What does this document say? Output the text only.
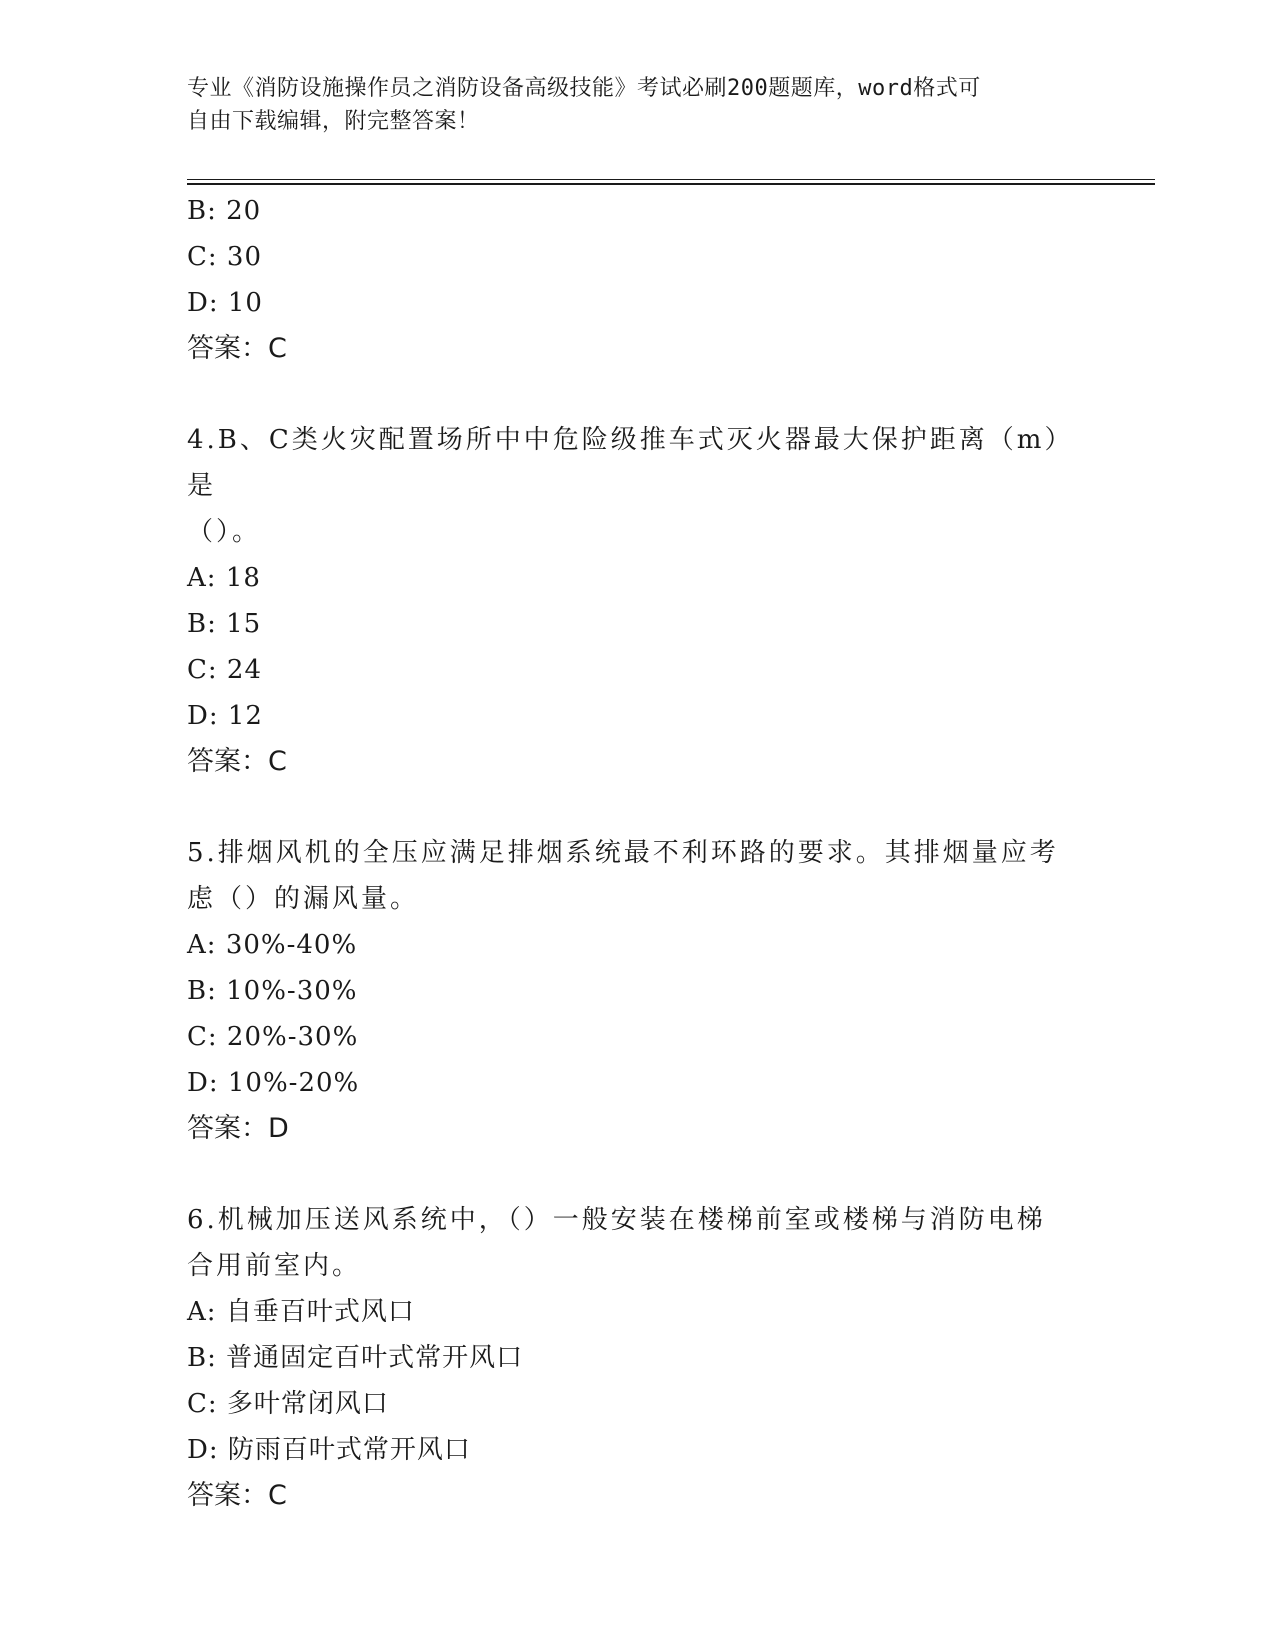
专业《消防设施操作员之消防设备高级技能》考试必刷200题题库，word格式可
自由下载编辑，附完整答案！
B: 20
C: 30
D: 10
答案：C
4.B、C类火灾配置场所中中危险级推车式灭火器最大保护距离（m）是
（）。
A: 18
B: 15
C: 24
D: 12
答案：C
5.排烟风机的全压应满足排烟系统最不利环路的要求。其排烟量应考
虑（）的漏风量。
A: 30%-40%
B: 10%-30%
C: 20%-30%
D: 10%-20%
答案：D
6.机械加压送风系统中，（）一般安装在楼梯前室或楼梯与消防电梯
合用前室内。
A: 自垂百叶式风口
B: 普通固定百叶式常开风口
C: 多叶常闭风口
D: 防雨百叶式常开风口
答案：C
